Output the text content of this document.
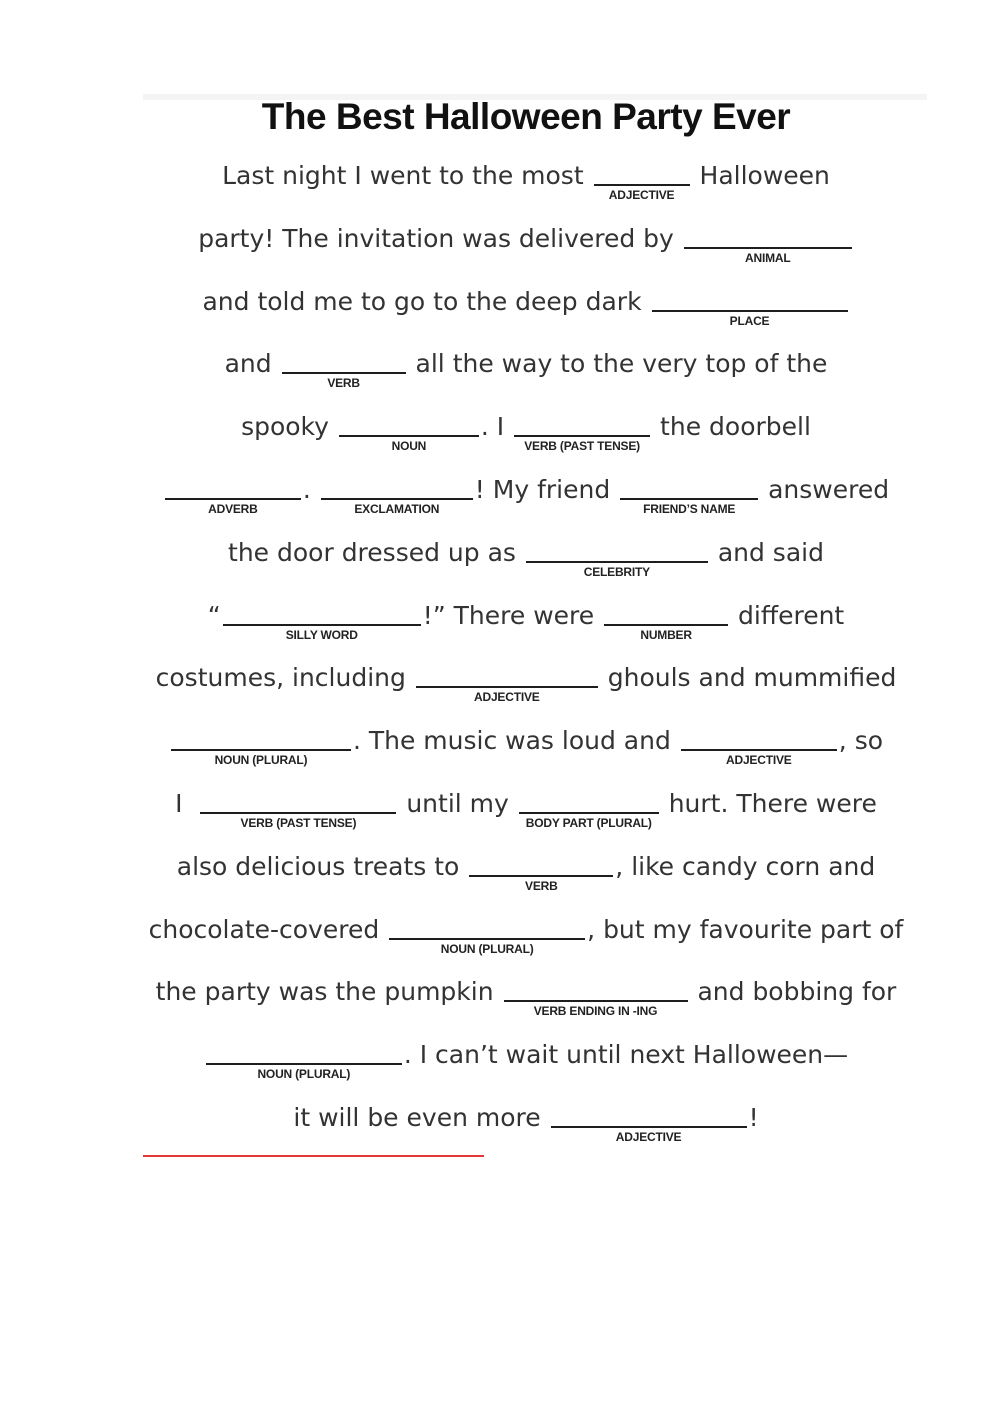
The Best Halloween Party Ever
Last night I went to the most
ADJECTIVE
Halloween
party! The invitation was delivered by
ANIMAL
and told me to go to the deep dark
PLACE
and
VERB
all the way to the very top of the
spooky
NOUN
. I
VERB (PAST TENSE)
the doorbell
ADVERB
.
EXCLAMATION
! My friend
FRIEND’S NAME
answered
the door dressed up as
CELEBRITY
and said
“
SILLY WORD
!” There were
NUMBER
different
costumes, including
ADJECTIVE
ghouls and mummified
NOUN (PLURAL)
. The music was loud and
ADJECTIVE
, so
I
VERB (PAST TENSE)
until my
BODY PART (PLURAL)
hurt. There were
also delicious treats to
VERB
, like candy corn and
chocolate-covered
NOUN (PLURAL)
, but my favourite part of
the party was the pumpkin
VERB ENDING IN -ING
and bobbing for
NOUN (PLURAL)
. I can’t wait until next Halloween—
it will be even more
ADJECTIVE
!
